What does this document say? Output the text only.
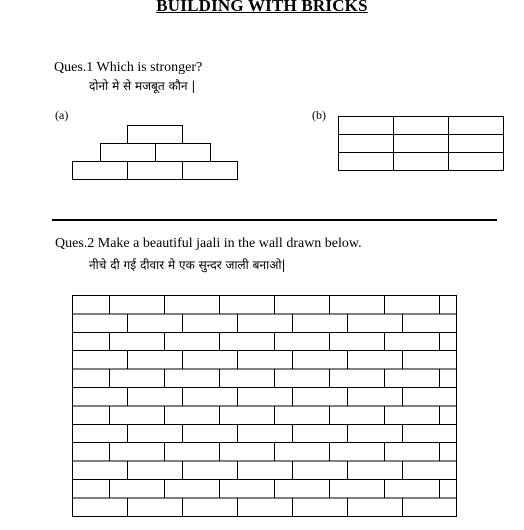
BUILDING WITH BRICKS
Ques.1 Which is stronger?
दोनो मे से मजबूत कौन |
(a)	(b)
Ques.2 Make a beautiful jaali in the wall drawn below.
नीचे दी गई दीवार मे एक सुन्दर जाली बनाओ|
